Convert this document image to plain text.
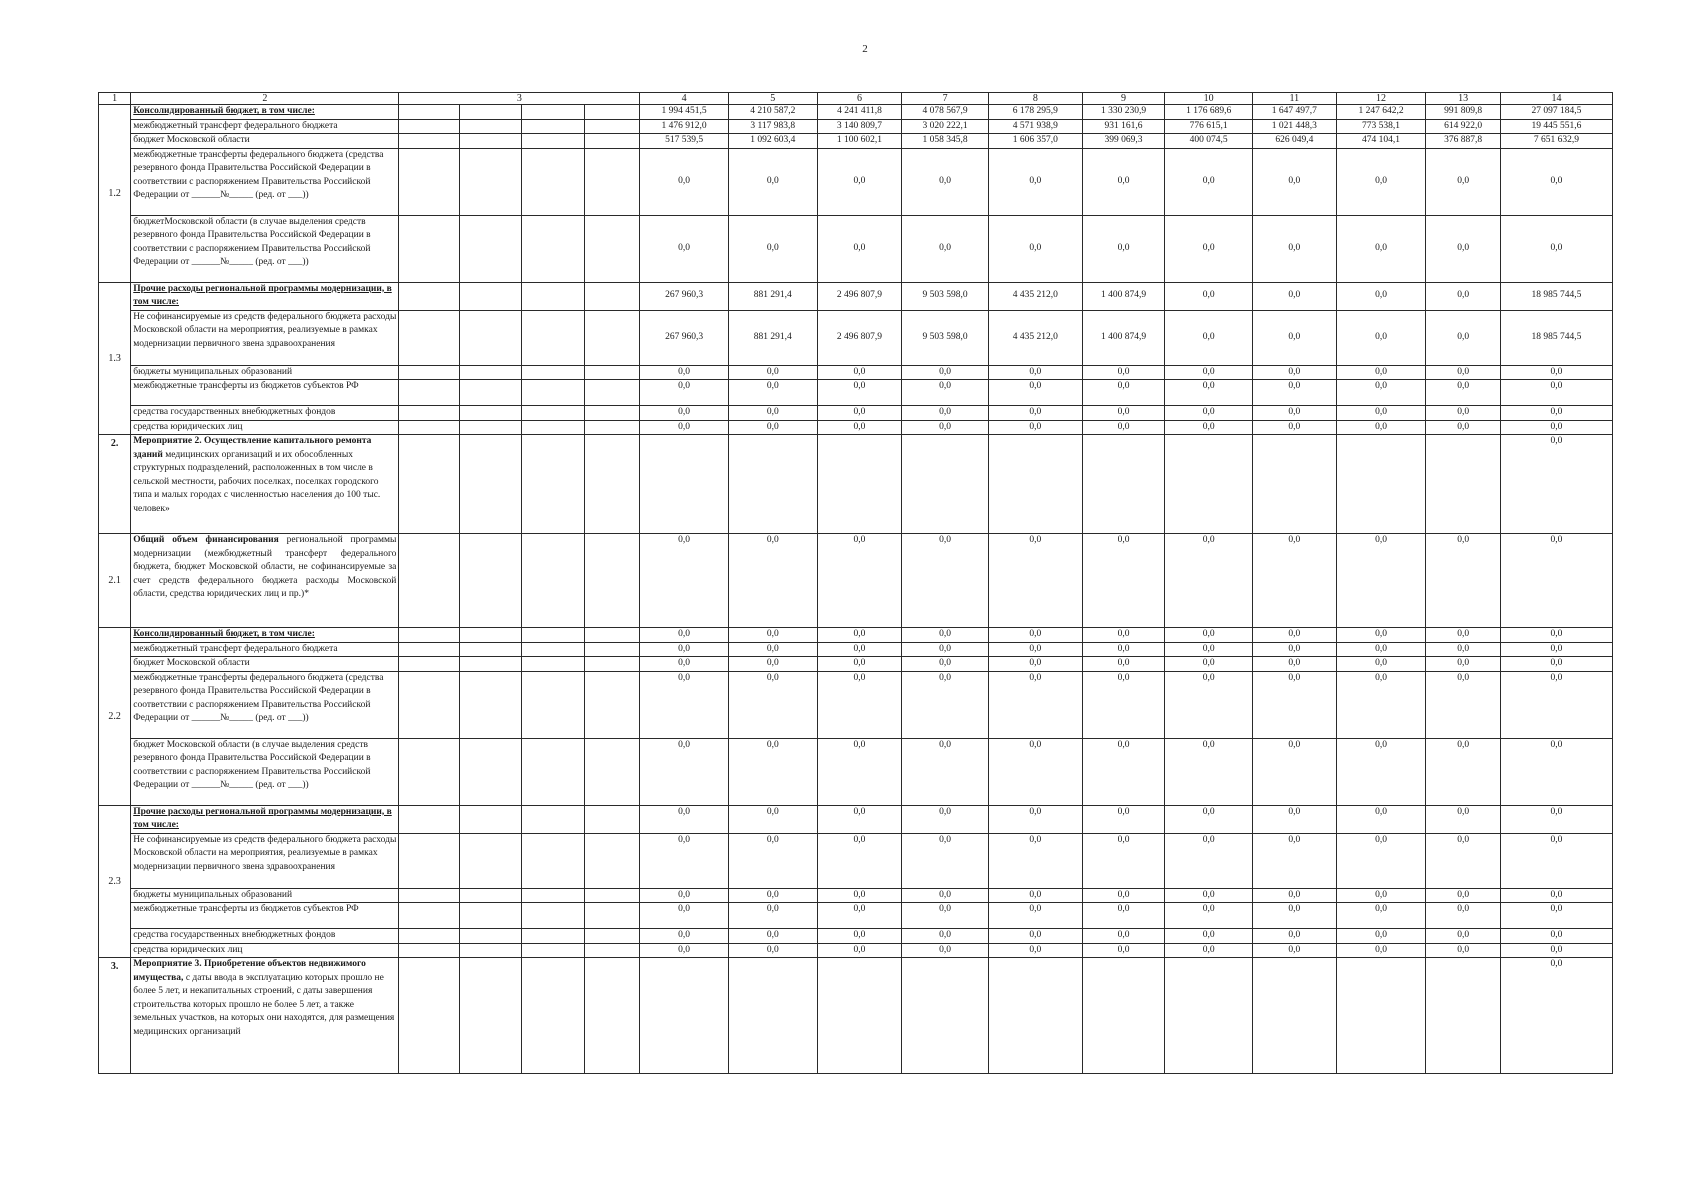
2
1	2	3				4	5	6	7	8	9	10	11	12	13	14
1.2	Консолидированный бюджет, в том числе:					1 994 451,5	4 210 587,2	4 241 411,8	4 078 567,9	6 178 295,9	1 330 230,9	1 176 689,6	1 647 497,7	1 247 642,2	991 809,8	27 097 184,5
	межбюджетный трансферт федерального бюджета					1 476 912,0	3 117 983,8	3 140 809,7	3 020 222,1	4 571 938,9	931 161,6	776 615,1	1 021 448,3	773 538,1	614 922,0	19 445 551,6
	бюджет Московской области					517 539,5	1 092 603,4	1 100 602,1	1 058 345,8	1 606 357,0	399 069,3	400 074,5	626 049,4	474 104,1	376 887,8	7 651 632,9
	межбюджетные трансферты федерального бюджета (средства резервного фонда Правительства Российской Федерации в соответствии с распоряжением Правительства Российской Федерации от ______№_____ (ред. от ___))					0,0	0,0	0,0	0,0	0,0	0,0	0,0	0,0	0,0	0,0	0,0
	бюджетМосковской области (в случае выделения средств резервного фонда Правительства Российской Федерации в соответствии с распоряжением Правительства Российской Федерации от ______№_____ (ред. от ___))					0,0	0,0	0,0	0,0	0,0	0,0	0,0	0,0	0,0	0,0	0,0
1.3	Прочие расходы региональной программы модернизации, в том числе:					267 960,3	881 291,4	2 496 807,9	9 503 598,0	4 435 212,0	1 400 874,9	0,0	0,0	0,0	0,0	18 985 744,5
	Не софинансируемые из средств федерального бюджета расходы Московской области на мероприятия, реализуемые в рамках модернизации первичного звена здравоохранения					267 960,3	881 291,4	2 496 807,9	9 503 598,0	4 435 212,0	1 400 874,9	0,0	0,0	0,0	0,0	18 985 744,5
	бюджеты муниципальных образований					0,0	0,0	0,0	0,0	0,0	0,0	0,0	0,0	0,0	0,0	0,0
	межбюджетные трансферты из бюджетов субъектов РФ					0,0	0,0	0,0	0,0	0,0	0,0	0,0	0,0	0,0	0,0	0,0
	средства государственных внебюджетных фондов					0,0	0,0	0,0	0,0	0,0	0,0	0,0	0,0	0,0	0,0	0,0
	средства юридических лиц					0,0	0,0	0,0	0,0	0,0	0,0	0,0	0,0	0,0	0,0	0,0
2.	Мероприятие 2. Осуществление капитального ремонта зданий медицинских организаций и их обособленных структурных подразделений, расположенных в том числе в сельской местности, рабочих поселках, поселках городского типа и малых городах с численностью населения до 100 тыс. человек»															0,0
2.1	Общий объем финансирования региональной программы модернизации (межбюджетный трансферт федерального бюджета, бюджет Московской области, не софинансируемые за счет средств федерального бюджета расходы Московской области, средства юридических лиц и пр.)*					0,0	0,0	0,0	0,0	0,0	0,0	0,0	0,0	0,0	0,0	0,0
2.2	Консолидированный бюджет, в том числе:					0,0	0,0	0,0	0,0	0,0	0,0	0,0	0,0	0,0	0,0	0,0
	межбюджетный трансферт федерального бюджета					0,0	0,0	0,0	0,0	0,0	0,0	0,0	0,0	0,0	0,0	0,0
	бюджет Московской области					0,0	0,0	0,0	0,0	0,0	0,0	0,0	0,0	0,0	0,0	0,0
	межбюджетные трансферты федерального бюджета (средства резервного фонда Правительства Российской Федерации в соответствии с распоряжением Правительства Российской Федерации от ______№_____ (ред. от ___))					0,0	0,0	0,0	0,0	0,0	0,0	0,0	0,0	0,0	0,0	0,0
	бюджет Московской области (в случае выделения средств резервного фонда Правительства Российской Федерации в соответствии с распоряжением Правительства Российской Федерации от ______№_____ (ред. от ___))					0,0	0,0	0,0	0,0	0,0	0,0	0,0	0,0	0,0	0,0	0,0
2.3	Прочие расходы региональной программы модернизации, в том числе:					0,0	0,0	0,0	0,0	0,0	0,0	0,0	0,0	0,0	0,0	0,0
	Не софинансируемые из средств федерального бюджета расходы Московской области на мероприятия, реализуемые в рамках модернизации первичного звена здравоохранения					0,0	0,0	0,0	0,0	0,0	0,0	0,0	0,0	0,0	0,0	0,0
	бюджеты муниципальных образований					0,0	0,0	0,0	0,0	0,0	0,0	0,0	0,0	0,0	0,0	0,0
	межбюджетные трансферты из бюджетов субъектов РФ					0,0	0,0	0,0	0,0	0,0	0,0	0,0	0,0	0,0	0,0	0,0
	средства государственных внебюджетных фондов					0,0	0,0	0,0	0,0	0,0	0,0	0,0	0,0	0,0	0,0	0,0
	средства юридических лиц					0,0	0,0	0,0	0,0	0,0	0,0	0,0	0,0	0,0	0,0	0,0
3.	Мероприятие 3. Приобретение объектов недвижимого имущества, с даты ввода в эксплуатацию которых прошло не более 5 лет, и некапитальных строений, с даты завершения строительства которых прошло не более 5 лет, а также земельных участков, на которых они находятся, для размещения медицинских организаций															0,0
